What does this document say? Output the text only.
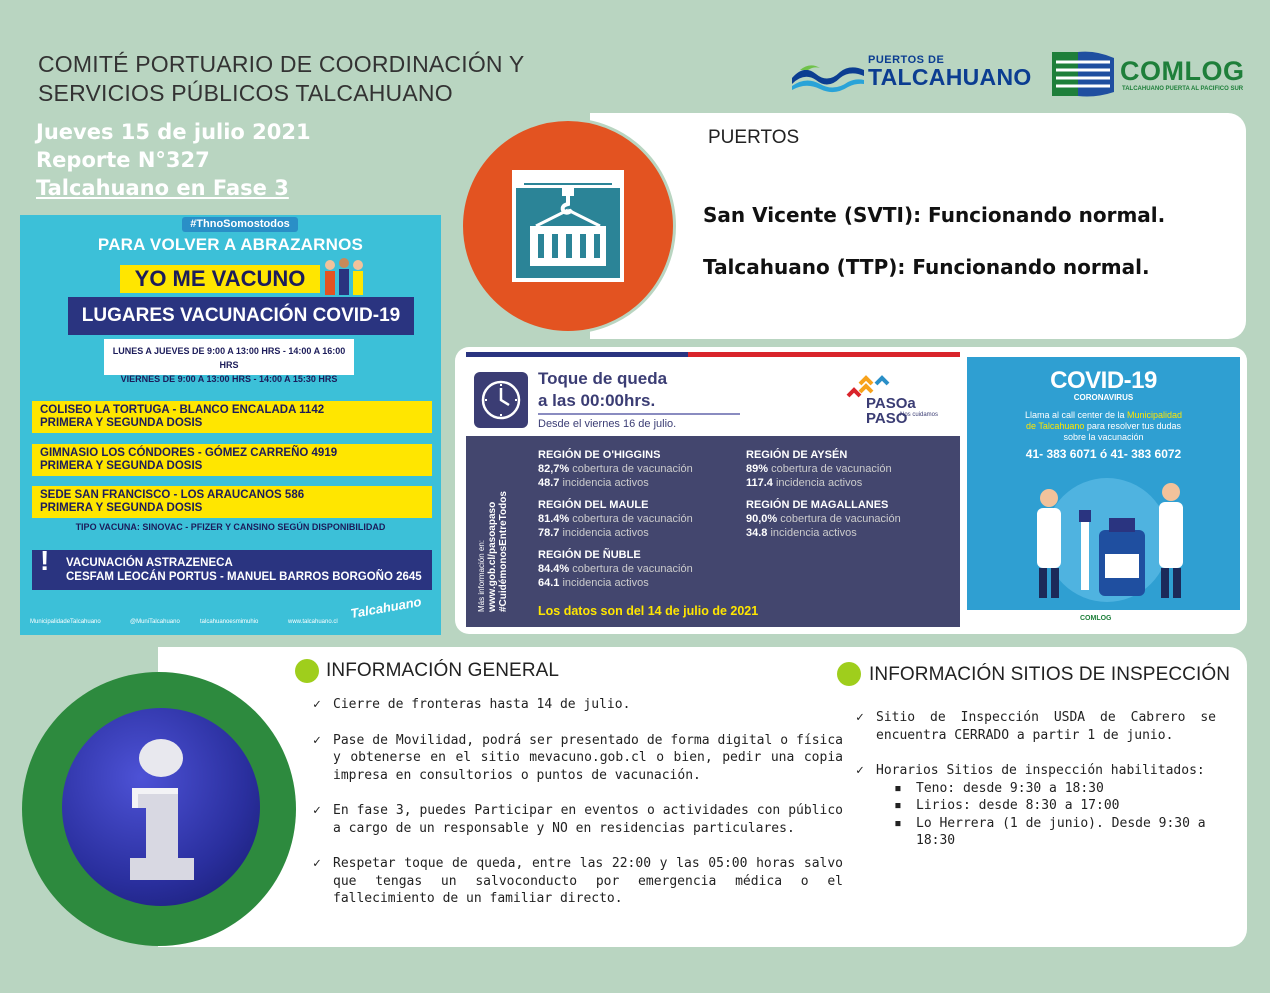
COMITÉ PORTUARIO DE COORDINACIÓN Y
SERVICIOS PÚBLICOS TALCAHUANO
PUERTOS DE
TALCAHUANO	COMLOG
TALCAHUANO PUERTA AL PACIFICO SUR
Jueves 15 de julio 2021
Reporte N°327
Talcahuano en Fase 3
#ThnoSomostodos
PARA VOLVER A ABRAZARNOS
YO ME VACUNO
LUGARES VACUNACIÓN COVID-19
LUNES A JUEVES DE 9:00 A 13:00 HRS - 14:00 A 16:00 HRS
VIERNES DE 9:00 A 13:00 HRS - 14:00 A 15:30 HRS
COLISEO LA TORTUGA - BLANCO ENCALADA 1142
PRIMERA Y SEGUNDA DOSIS
GIMNASIO LOS CÓNDORES - GÓMEZ CARREÑO 4919
PRIMERA Y SEGUNDA DOSIS
SEDE SAN FRANCISCO - LOS ARAUCANOS 586
PRIMERA Y SEGUNDA DOSIS
TIPO VACUNA: SINOVAC - PFIZER Y CANSINO SEGÚN DISPONIBILIDAD
! VACUNACIÓN ASTRAZENECA
CESFAM LEOCÁN PORTUS - MANUEL BARROS BORGOÑO 2645
MunicipalidadeTalcahuano	@MuniTalcahuano	talcahuanoesmimuhio	www.talcahuano.cl
Talcahuano
PUERTOS
San Vicente (SVTI): Funcionando normal.
Talcahuano (TTP): Funcionando normal.
Toque de queda
a las 00:00hrs.
Desde el viernes 16 de julio.
PASOa PASO
Nos cuidamos
Más información en: www.gob.cl/pasoapaso #CuidémonosEntreTodos
REGIÓN DE O'HIGGINS
82,7% cobertura de vacunación
48.7 incidencia activos
REGIÓN DE AYSÉN
89% cobertura de vacunación
117.4 incidencia activos
REGIÓN DEL MAULE
81.4% cobertura de vacunación
78.7 incidencia activos
REGIÓN DE MAGALLANES
90,0% cobertura de vacunación
34.8 incidencia activos
REGIÓN DE ÑUBLE
84.4% cobertura de vacunación
64.1 incidencia activos
Los datos son del 14 de julio de 2021
COVID-19
CORONAVIRUS
Llama al call center de la Municipalidad
de Talcahuano para resolver tus dudas
sobre la vacunación
41- 383 6071 ó 41- 383 6072
COMLOG
INFORMACIÓN GENERAL
✓ Cierre de fronteras hasta 14 de julio.
✓ Pase de Movilidad, podrá ser presentado de forma digital o física y obtenerse en el sitio mevacuno.gob.cl o bien, pedir una copia impresa en consultorios o puntos de vacunación.
✓ En fase 3, puedes Participar en eventos o actividades con público a cargo de un responsable y NO en residencias particulares.
✓ Respetar toque de queda, entre las 22:00 y las 05:00 horas salvo que tengas un salvoconducto por emergencia médica o el fallecimiento de un familiar directo.
INFORMACIÓN SITIOS DE INSPECCIÓN
✓ Sitio de Inspección USDA de Cabrero se encuentra CERRADO a partir 1 de junio.
✓ Horarios Sitios de inspección habilitados:
▪ Teno: desde 9:30 a 18:30
▪ Lirios: desde 8:30 a 17:00
▪ Lo Herrera (1 de junio). Desde 9:30 a 18:30
